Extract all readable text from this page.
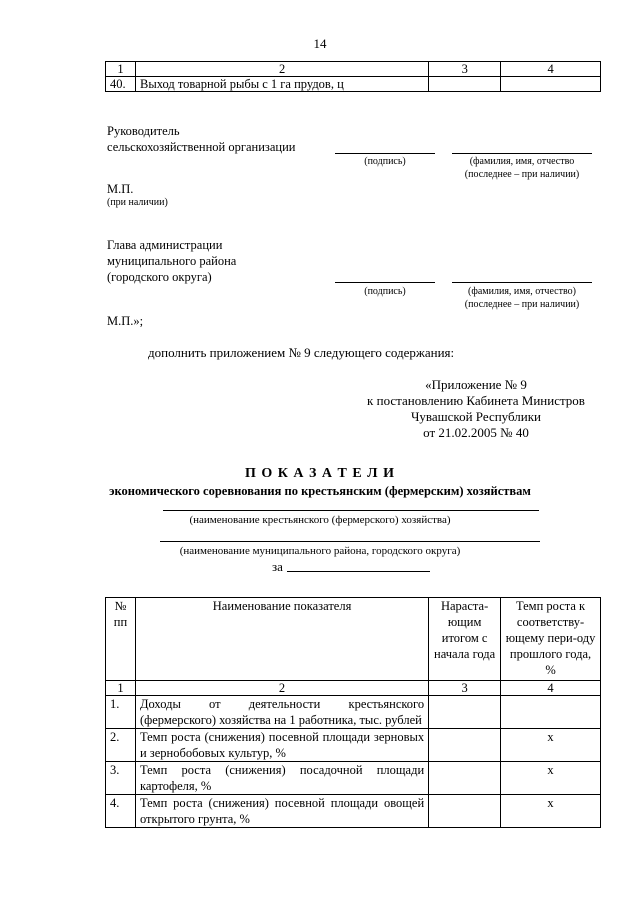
14
1	2	3	4
40.	Выход товарной рыбы с 1 га прудов, ц		
Руководитель
сельскохозяйственной организации
(подпись)	(фамилия, имя, отчество
(последнее – при наличии)
М.П.
(при наличии)
Глава администрации
муниципального района
(городского округа)
(подпись)	(фамилия, имя, отчество)
(последнее – при наличии)
М.П.»;
дополнить приложением № 9 следующего содержания:
«Приложение № 9
к постановлению Кабинета Министров
Чувашской Республики
от 21.02.2005 № 40
П О К А З А Т Е Л И
экономического соревнования по крестьянским (фермерским) хозяйствам
(наименование крестьянского (фермерского) хозяйства)
(наименование муниципального района, городского округа)
за
№ пп	Наименование показателя	Нараста-ющим итогом с начала года	Темп роста к соответству-ющему пери-оду прошлого года, %
1	2	3	4
1.	Доходы от деятельности крестьянского (фермерского) хозяйства на 1 работника, тыс. рублей		
2.	Темп роста (снижения) посевной площади зерновых и зернобобовых культур, %		х
3.	Темп роста (снижения) посадочной площади картофеля, %		х
4.	Темп роста (снижения) посевной площади овощей открытого грунта, %		х
